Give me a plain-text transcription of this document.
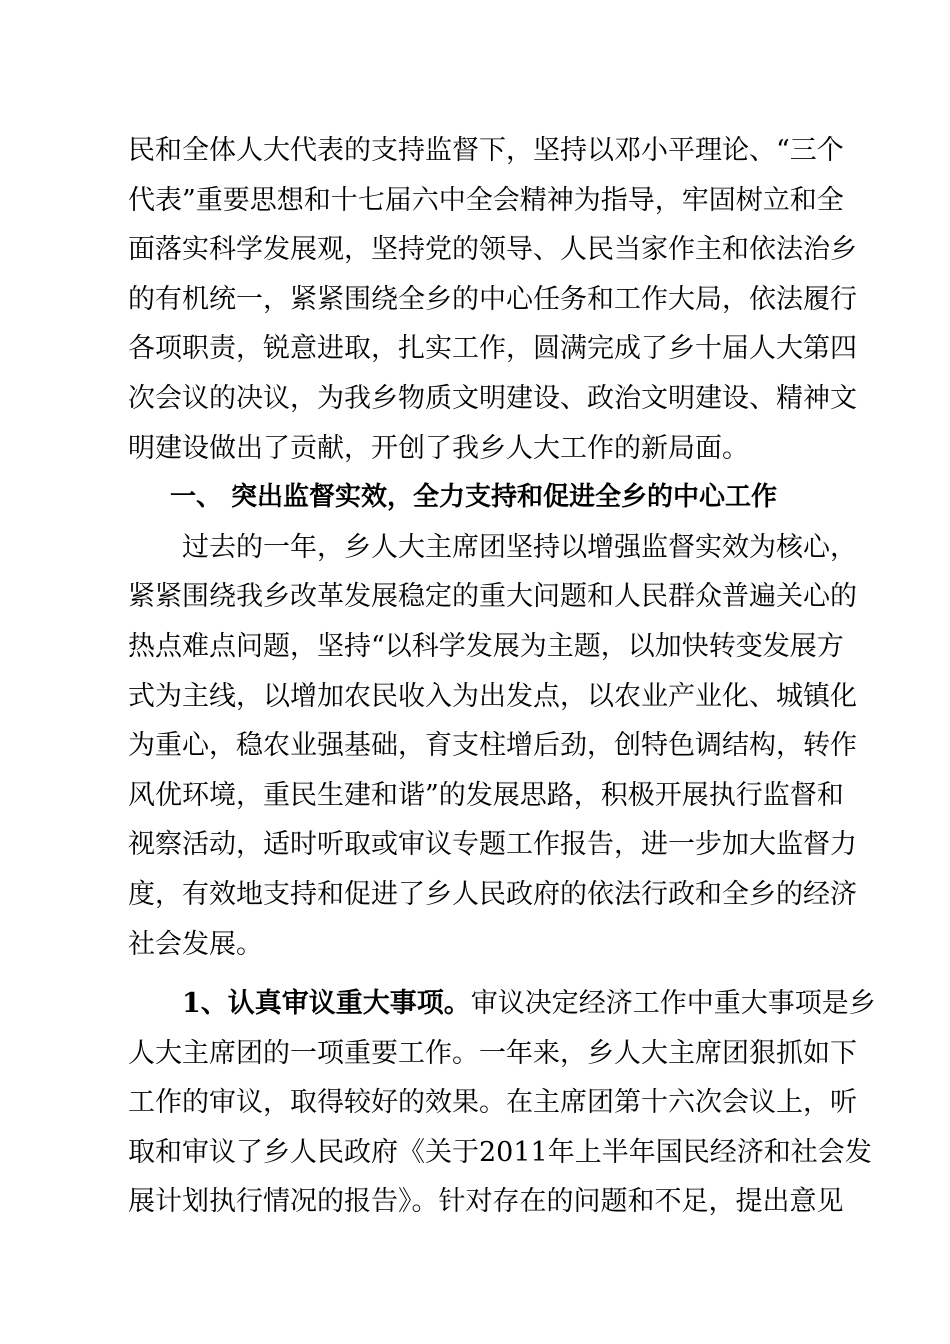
民和全体人大代表的支持监督下，坚持以邓小平理论、“三个
代表”重要思想和十七届六中全会精神为指导，牢固树立和全
面落实科学发展观，坚持党的领导、人民当家作主和依法治乡
的有机统一，紧紧围绕全乡的中心任务和工作大局，依法履行
各项职责，锐意进取，扎实工作，圆满完成了乡十届人大第四
次会议的决议，为我乡物质文明建设、政治文明建设、精神文
明建设做出了贡献，开创了我乡人大工作的新局面。
一、 突出监督实效，全力支持和促进全乡的中心工作
过去的一年，乡人大主席团坚持以增强监督实效为核心，
紧紧围绕我乡改革发展稳定的重大问题和人民群众普遍关心的
热点难点问题，坚持“以科学发展为主题，以加快转变发展方
式为主线，以增加农民收入为出发点，以农业产业化、城镇化
为重心，稳农业强基础，育支柱增后劲，创特色调结构，转作
风优环境，重民生建和谐”的发展思路，积极开展执行监督和
视察活动，适时听取或审议专题工作报告，进一步加大监督力
度，有效地支持和促进了乡人民政府的依法行政和全乡的经济
社会发展。
1、认真审议重大事项。审议决定经济工作中重大事项是乡
人大主席团的一项重要工作。一年来，乡人大主席团狠抓如下
工作的审议，取得较好的效果。在主席团第十六次会议上，听
取和审议了乡人民政府《关于2011年上半年国民经济和社会发
展计划执行情况的报告》。针对存在的问题和不足，提出意见
